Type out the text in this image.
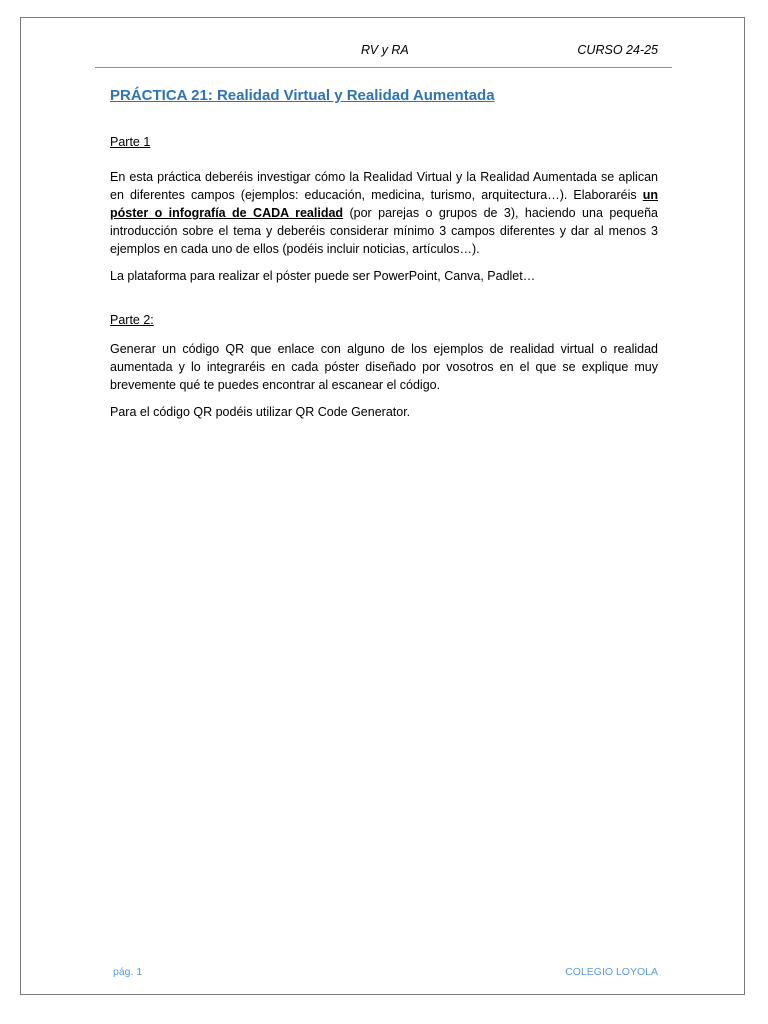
RV y RA	CURSO 24-25
PRÁCTICA 21: Realidad Virtual y Realidad Aumentada

Parte 1

En esta práctica deberéis investigar cómo la Realidad Virtual y la Realidad Aumentada se aplican en diferentes campos (ejemplos: educación, medicina, turismo, arquitectura…). Elaboraréis un póster o infografía de CADA realidad (por parejas o grupos de 3), haciendo una pequeña introducción sobre el tema y deberéis considerar mínimo 3 campos diferentes y dar al menos 3 ejemplos en cada uno de ellos (podéis incluir noticias, artículos…).

La plataforma para realizar el póster puede ser PowerPoint, Canva, Padlet…

Parte 2:

Generar un código QR que enlace con alguno de los ejemplos de realidad virtual o realidad aumentada y lo integraréis en cada póster diseñado por vosotros en el que se explique muy brevemente qué te puedes encontrar al escanear el código.

Para el código QR podéis utilizar QR Code Generator.

pág. 1	COLEGIO LOYOLA
